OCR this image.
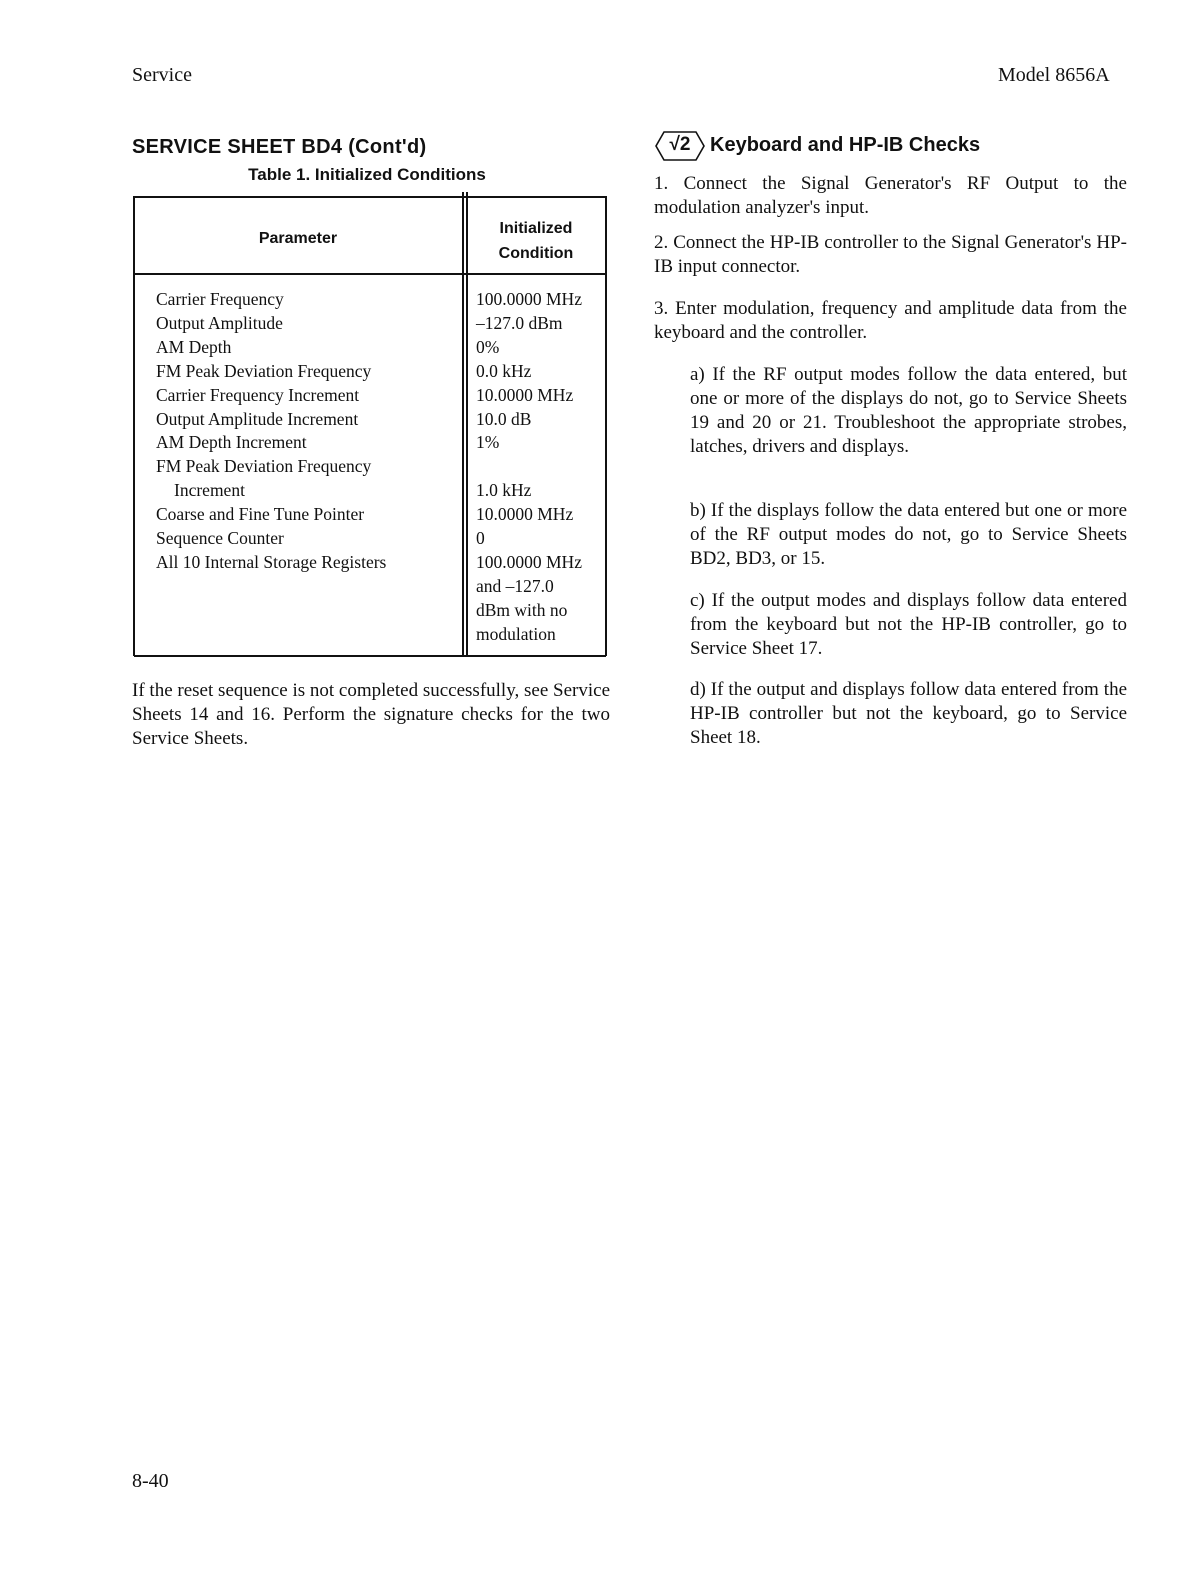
Service	Model 8656A
SERVICE SHEET BD4 (Cont'd)
Table 1. Initialized Conditions
Parameter
Initialized
Condition
Carrier Frequency
Output Amplitude
AM Depth
FM Peak Deviation Frequency
Carrier Frequency Increment
Output Amplitude Increment
AM Depth Increment
FM Peak Deviation Frequency
Increment
Coarse and Fine Tune Pointer
Sequence Counter
All 10 Internal Storage Registers
100.0000 MHz
–127.0 dBm
0%
0.0 kHz
10.0000 MHz
10.0 dB
1%

1.0 kHz
10.0000 MHz
0
100.0000 MHz
and –127.0
dBm with no
modulation
If the reset sequence is not completed successfully, see Service Sheets 14 and 16. Perform the signature checks for the two Service Sheets.
√2 Keyboard and HP-IB Checks
1. Connect the Signal Generator's RF Output to the modulation analyzer's input.
2. Connect the HP-IB controller to the Signal Generator's HP-IB input connector.
3. Enter modulation, frequency and amplitude data from the keyboard and the controller.
a) If the RF output modes follow the data entered, but one or more of the displays do not, go to Service Sheets 19 and 20 or 21. Troubleshoot the appropriate strobes, latches, drivers and displays.
b) If the displays follow the data entered but one or more of the RF output modes do not, go to Service Sheets BD2, BD3, or 15.
c) If the output modes and displays follow data entered from the keyboard but not the HP-IB controller, go to Service Sheet 17.
d) If the output and displays follow data entered from the HP-IB controller but not the keyboard, go to Service Sheet 18.
8-40
